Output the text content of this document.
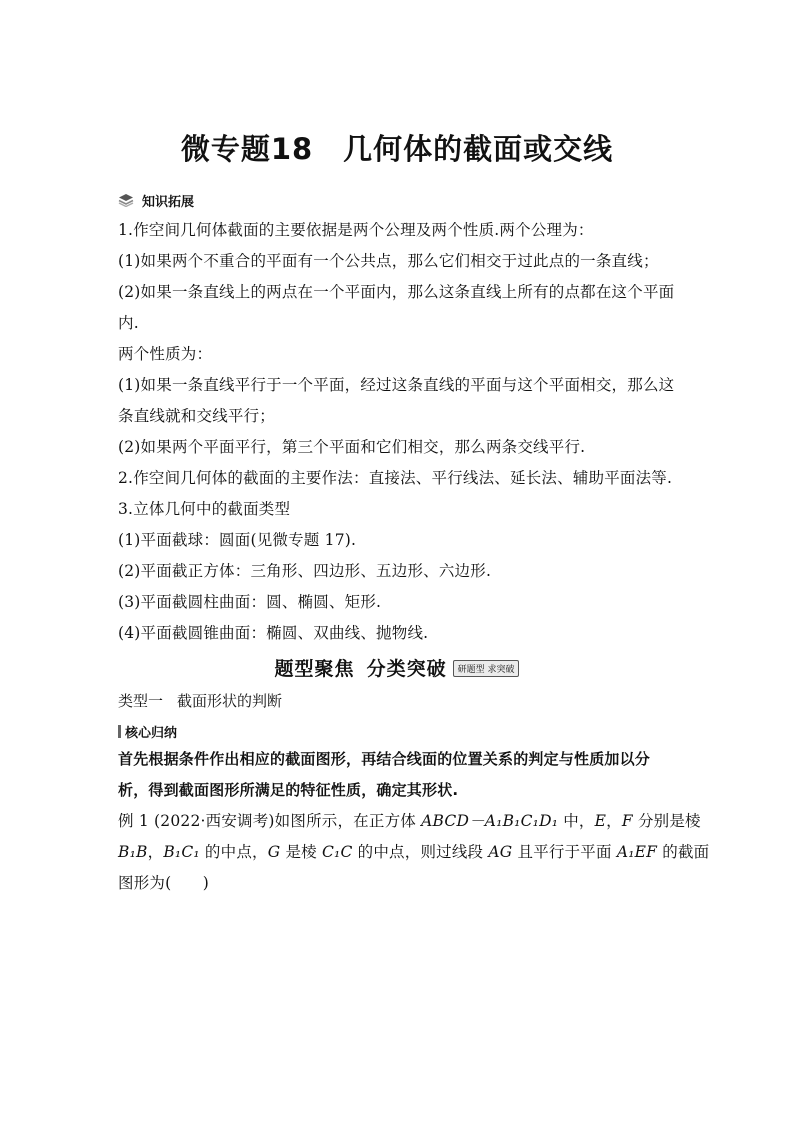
微专题18 几何体的截面或交线
知识拓展
1.作空间几何体截面的主要依据是两个公理及两个性质.两个公理为：
(1)如果两个不重合的平面有一个公共点，那么它们相交于过此点的一条直线；
(2)如果一条直线上的两点在一个平面内，那么这条直线上所有的点都在这个平面
内.
两个性质为：
(1)如果一条直线平行于一个平面，经过这条直线的平面与这个平面相交，那么这
条直线就和交线平行；
(2)如果两个平面平行，第三个平面和它们相交，那么两条交线平行.
2.作空间几何体的截面的主要作法：直接法、平行线法、延长法、辅助平面法等.
3.立体几何中的截面类型
(1)平面截球：圆面(见微专题 17).
(2)平面截正方体：三角形、四边形、五边形、六边形.
(3)平面截圆柱曲面：圆、椭圆、矩形.
(4)平面截圆锥曲面：椭圆、双曲线、抛物线.
题型聚焦 分类突破 研题型 求突破
类型一 截面形状的判断
核心归纳
首先根据条件作出相应的截面图形，再结合线面的位置关系的判定与性质加以分
析，得到截面图形所满足的特征性质，确定其形状.
例 1 (2022·西安调考)如图所示，在正方体 ABCD－A₁B₁C₁D₁ 中，E，F 分别是棱
B₁B，B₁C₁ 的中点，G 是棱 C₁C 的中点，则过线段 AG 且平行于平面 A₁EF 的截面
图形为(　　)
